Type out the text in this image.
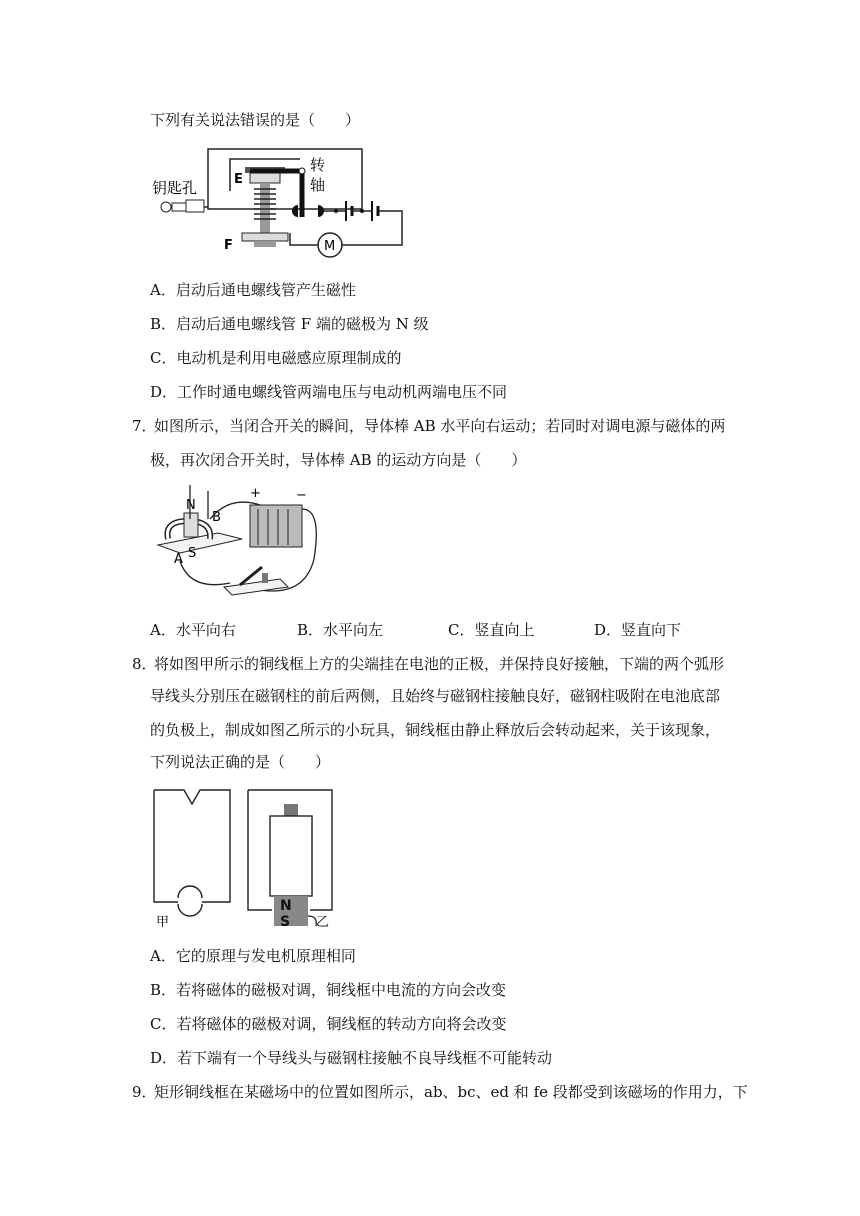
下列有关说法错误的是（　　）
钥匙孔	E
F
转
轴
M
A．启动后通电螺线管产生磁性
B．启动后通电螺线管 F 端的磁极为 N 级
C．电动机是利用电磁感应原理制成的
D．工作时通电螺线管两端电压与电动机两端电压不同
7．
如图所示，当闭合开关的瞬间，导体棒 AB 水平向右运动；若同时对调电源与磁体的两
极，再次闭合开关时，导体棒 AB 的运动方向是（　　）
N
B
A S
+	−
A．水平向右	B．水平向左	C．竖直向上	D．竖直向下
8．
将如图甲所示的铜线框上方的尖端挂在电池的正极，并保持良好接触，下端的两个弧形
导线头分别压在磁钢柱的前后两侧，且始终与磁钢柱接触良好，磁钢柱吸附在电池底部
的负极上，制成如图乙所示的小玩具，铜线框由静止释放后会转动起来，关于该现象，
下列说法正确的是（　　）
甲
N
S 乙
A．它的原理与发电机原理相同
B．若将磁体的磁极对调，铜线框中电流的方向会改变
C．若将磁体的磁极对调，铜线框的转动方向将会改变
D．若下端有一个导线头与磁钢柱接触不良导线框不可能转动
9．
矩形铜线框在某磁场中的位置如图所示，ab、bc、ed 和 fe 段都受到该磁场的作用力，下
